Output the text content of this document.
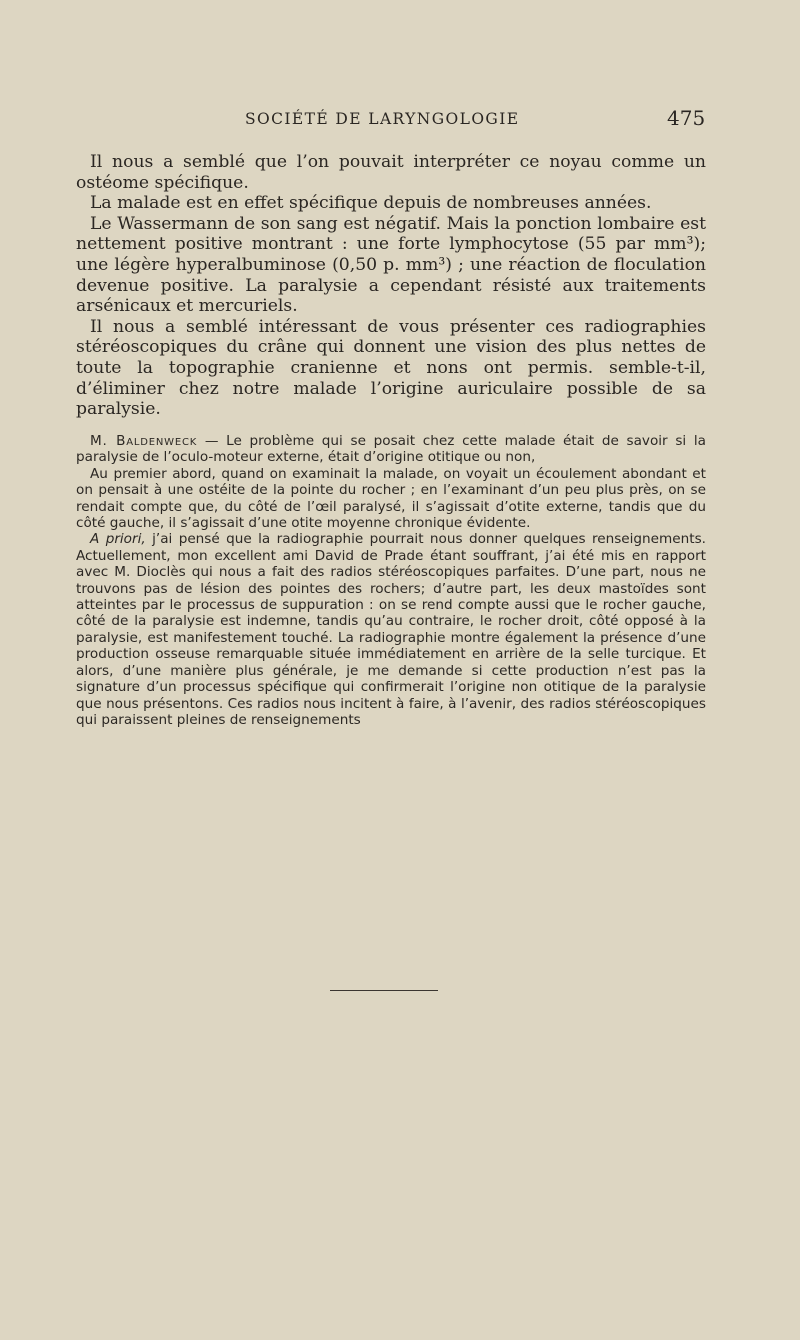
SOCIÉTÉ DE LARYNGOLOGIE	475

Il nous a semblé que l’on pouvait interpréter ce noyau comme un ostéome spécifique.

La malade est en effet spécifique depuis de nombreuses années.

Le Wassermann de son sang est négatif. Mais la ponction lombaire est nettement positive montrant : une forte lymphocytose (55 par mm³); une légère hyperalbuminose (0,50 p. mm³) ; une réaction de floculation devenue positive. La paralysie a cependant résisté aux traitements arsénicaux et mercuriels.

Il nous a semblé intéressant de vous présenter ces radiographies stéréoscopiques du crâne qui donnent une vision des plus nettes de toute la topographie cranienne et nons ont permis. semble-t-il, d’éliminer chez notre malade l’origine auriculaire possible de sa paralysie.

M. Baldenweck — Le problème qui se posait chez cette malade était de savoir si la paralysie de l’oculo-moteur externe, était d’origine otitique ou non,

Au premier abord, quand on examinait la malade, on voyait un écoulement abondant et on pensait à une ostéite de la pointe du rocher ; en l’examinant d’un peu plus près, on se rendait compte que, du côté de l’œil paralysé, il s’agissait d’otite externe, tandis que du côté gauche, il s’agissait d’une otite moyenne chronique évidente.

A priori, j’ai pensé que la radiographie pourrait nous donner quelques renseignements. Actuellement, mon excellent ami David de Prade étant souffrant, j’ai été mis en rapport avec M. Dioclès qui nous a fait des radios stéréoscopiques parfaites. D’une part, nous ne trouvons pas de lésion des pointes des rochers; d’autre part, les deux mastoïdes sont atteintes par le processus de suppuration : on se rend compte aussi que le rocher gauche, côté de la paralysie est indemne, tandis qu’au contraire, le rocher droit, côté opposé à la paralysie, est manifestement touché. La radiographie montre également la présence d’une production osseuse remarquable située immédiatement en arrière de la selle turcique. Et alors, d’une manière plus générale, je me demande si cette production n’est pas la signature d’un processus spécifique qui confirmerait l’origine non otitique de la paralysie que nous présentons. Ces radios nous incitent à faire, à l’avenir, des radios stéréoscopiques qui paraissent pleines de renseignements
